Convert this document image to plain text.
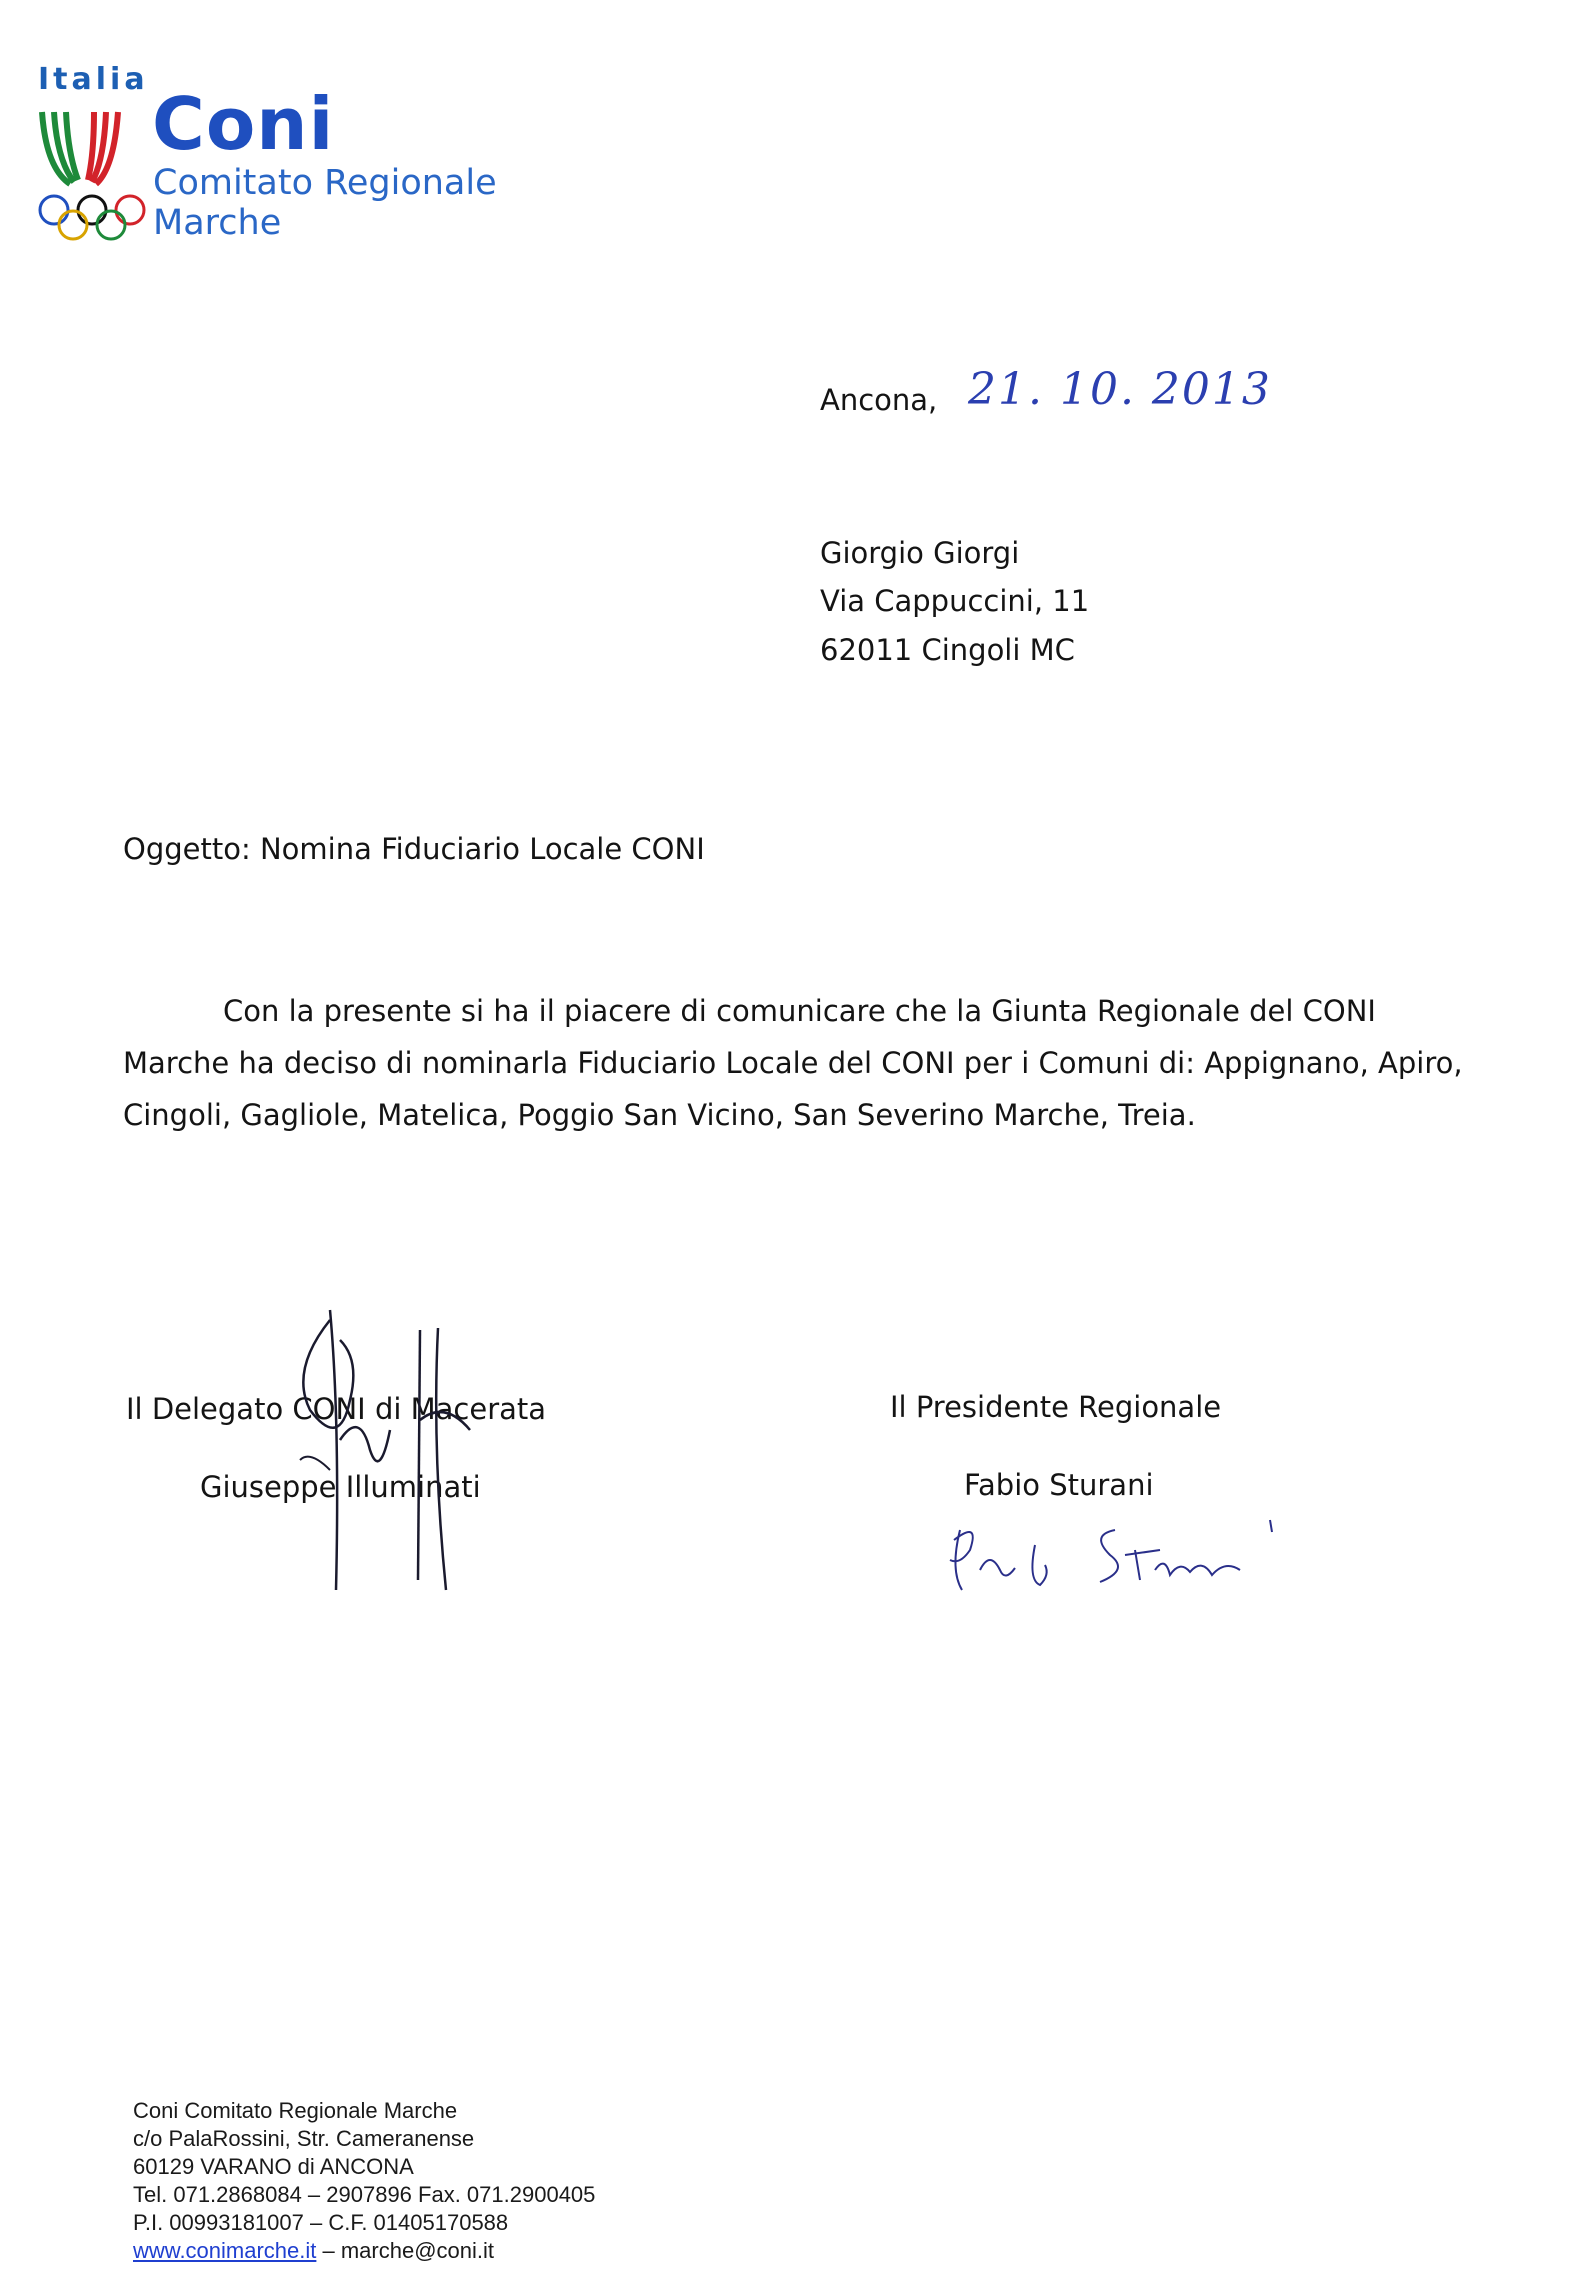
Italia
Coni
Comitato Regionale
Marche
Ancona, 21. 10. 2013
Giorgio Giorgi
Via Cappuccini, 11
62011 Cingoli MC
Oggetto: Nomina Fiduciario Locale CONI
Con la presente si ha il piacere di comunicare che la Giunta Regionale del CONI Marche ha deciso di nominarla Fiduciario Locale del CONI per i Comuni di: Appignano, Apiro, Cingoli, Gagliole, Matelica, Poggio San Vicino, San Severino Marche, Treia.
Il Delegato CONI di Macerata
Giuseppe Illuminati
Il Presidente Regionale
Fabio Sturani
Coni Comitato Regionale Marche
c/o PalaRossini, Str. Cameranense
60129 VARANO di ANCONA
Tel. 071.2868084 – 2907896 Fax. 071.2900405
P.I. 00993181007 – C.F. 01405170588
www.conimarche.it – marche@coni.it
